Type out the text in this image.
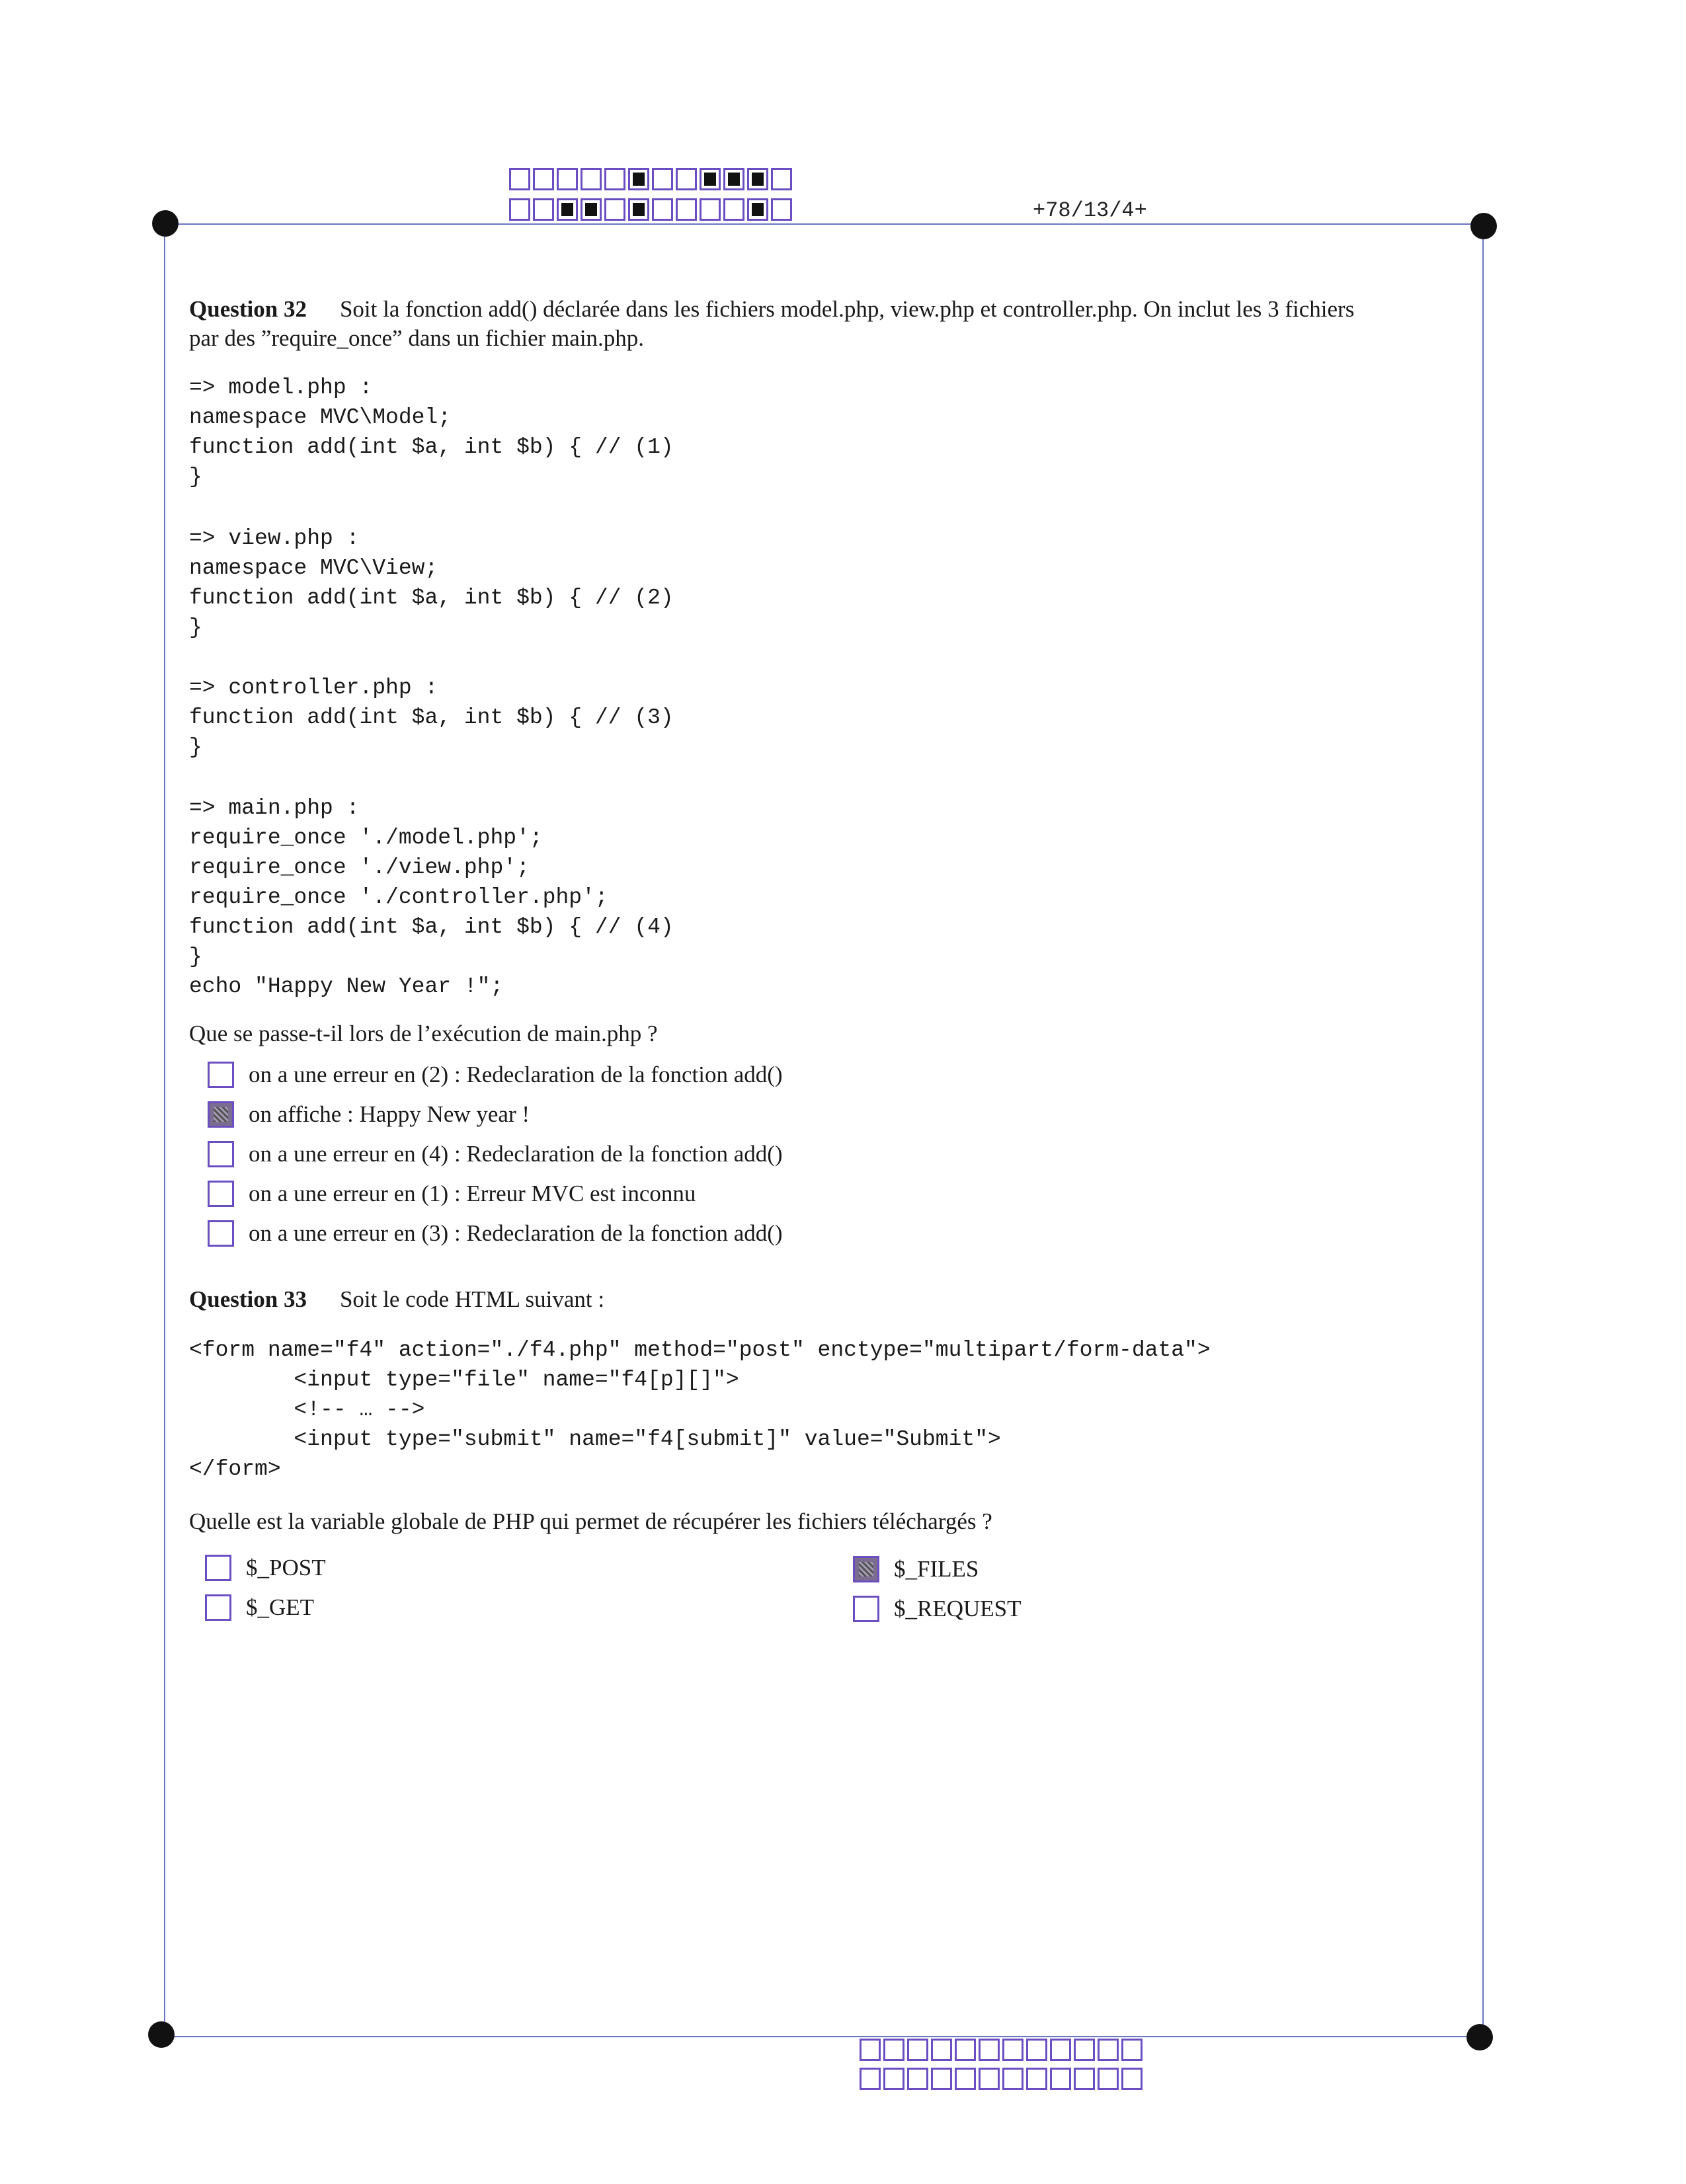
+78/13/4+
Question 32 Soit la fonction add() déclarée dans les fichiers model.php, view.php et controller.php. On inclut les 3 fichiers
par des ”require_once” dans un fichier main.php.
=> model.php :
namespace MVC\Model;
function add(int $a, int $b) { // (1)
}
=> view.php :
namespace MVC\View;
function add(int $a, int $b) { // (2)
}
=> controller.php :
function add(int $a, int $b) { // (3)
}
=> main.php :
require_once './model.php';
require_once './view.php';
require_once './controller.php';
function add(int $a, int $b) { // (4)
}
echo "Happy New Year !";
Que se passe-t-il lors de l’exécution de main.php ?
on a une erreur en (2) : Redeclaration de la fonction add()
on affiche : Happy New year !
on a une erreur en (4) : Redeclaration de la fonction add()
on a une erreur en (1) : Erreur MVC est inconnu
on a une erreur en (3) : Redeclaration de la fonction add()
Question 33 Soit le code HTML suivant :
<form name="f4" action="./f4.php" method="post" enctype="multipart/form-data">
<input type="file" name="f4[p][]">
<!-- … -->
<input type="submit" name="f4[submit]" value="Submit">
</form>
Quelle est la variable globale de PHP qui permet de récupérer les fichiers téléchargés ?
$_POST
$_GET
$_FILES
$_REQUEST
